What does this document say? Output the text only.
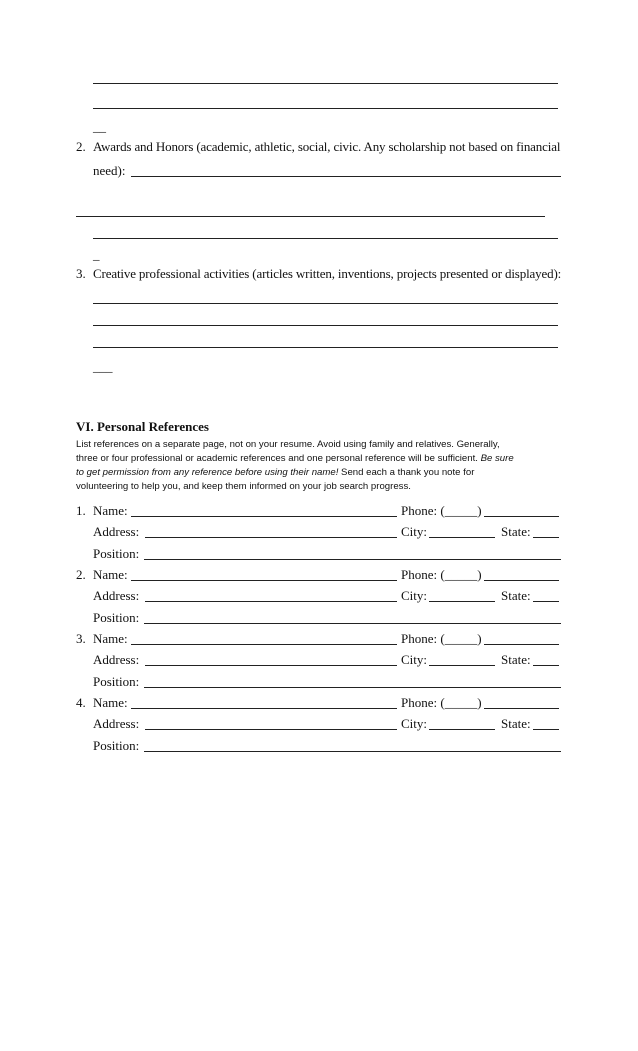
__
2. Awards and Honors (academic, athletic, social, civic. Any scholarship not based on financial
need):
_
3. Creative professional activities (articles written, inventions, projects presented or displayed):
___
VI. Personal References
List references on a separate page, not on your resume. Avoid using family and relatives. Generally,
three or four professional or academic references and one personal reference will be sufficient. Be sure
to get permission from any reference before using their name! Send each a thank you note for
volunteering to help you, and keep them informed on your job search progress.
1. Name:	Phone: (_____)
Address:	City:	State:
Position:
2. Name:	Phone: (_____)
Address:	City:	State:
Position:
3. Name:	Phone: (_____)
Address:	City:	State:
Position:
4. Name:	Phone: (_____)
Address:	City:	State:
Position:
